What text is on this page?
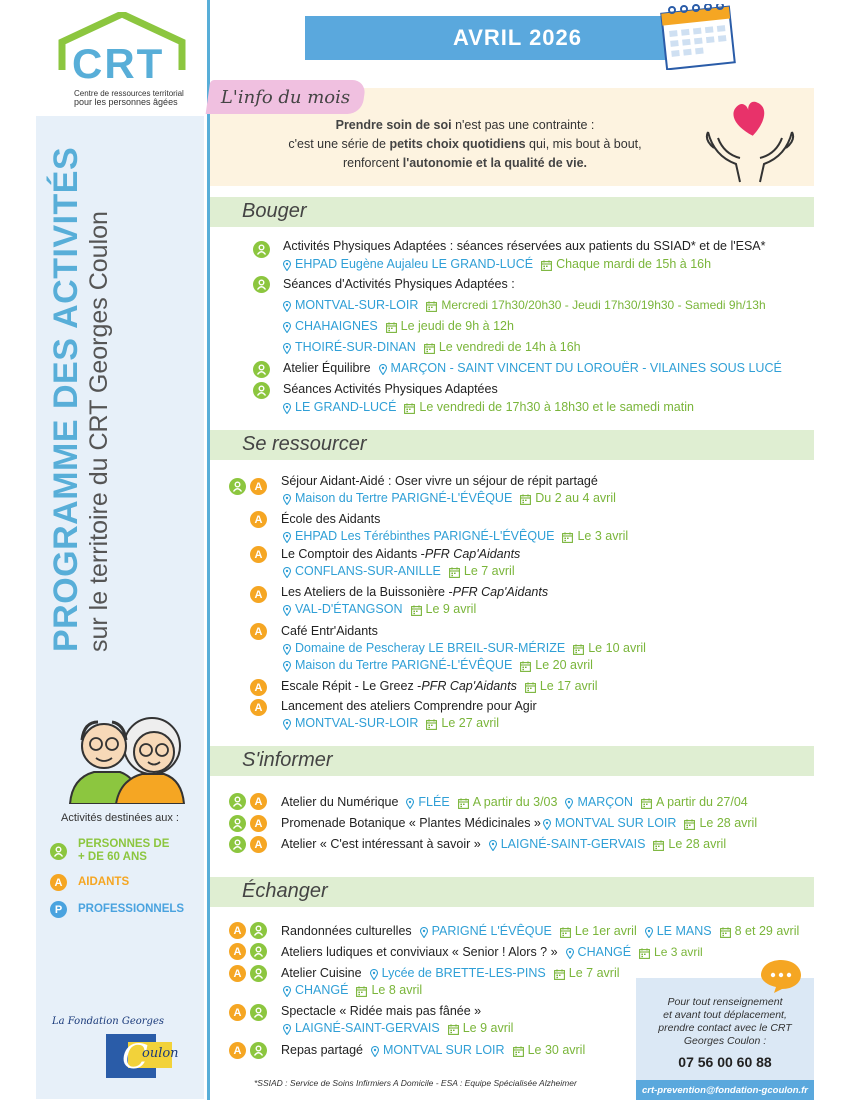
CRT
Centre de ressources territorial
pour les personnes âgées
PROGRAMME DES ACTIVITÉS sur le territoire du CRT Georges Coulon
Activités destinées aux :
PERSONNES DE
+ DE 60 ANS
A	AIDANTS
P	PROFESSIONNELS
La Fondation Georges
C
oulon
AVRIL 2026
L'info du mois
Prendre soin de soi n'est pas une contrainte :
c'est une série de petits choix quotidiens qui, mis bout à bout,
renforcent l'autonomie et la qualité de vie.
Bouger
Se ressourcer
S'informer
Échanger
Activités Physiques Adaptées : séances réservées aux patients du SSIAD* et de l'ESA*
EHPAD Eugène Aujaleu LE GRAND-LUCÉ Chaque mardi de 15h à 16h
Séances d'Activités Physiques Adaptées :
MONTVAL-SUR-LOIR Mercredi 17h30/20h30 - Jeudi 17h30/19h30 - Samedi 9h/13h
CHAHAIGNES Le jeudi de 9h à 12h
THOIRÉ-SUR-DINAN Le vendredi de 14h à 16h
Atelier Équilibre MARÇON - SAINT VINCENT DU LOROUËR - VILAINES SOUS LUCÉ
Séances Activités Physiques Adaptées
LE GRAND-LUCÉ Le vendredi de 17h30 à 18h30 et le samedi matin
A	Séjour Aidant-Aidé : Oser vivre un séjour de répit partagé
Maison du Tertre PARIGNÉ-L'ÉVÊQUE Du 2 au 4 avril
A	École des Aidants
EHPAD Les Térébinthes PARIGNÉ-L'ÉVÊQUE Le 3 avril
A	Le Comptoir des Aidants - PFR Cap'Aidants
CONFLANS-SUR-ANILLE Le 7 avril
A	Les Ateliers de la Buissonière - PFR Cap'Aidants
VAL-D'ÉTANGSON Le 9 avril
A	Café Entr'Aidants
Domaine de Pescheray LE BREIL-SUR-MÉRIZE Le 10 avril
Maison du Tertre PARIGNÉ-L'ÉVÊQUE Le 20 avril
A	Escale Répit - Le Greez - PFR Cap'Aidants Le 17 avril
A	Lancement des ateliers Comprendre pour Agir
MONTVAL-SUR-LOIR Le 27 avril
A	Atelier du Numérique FLÉE A partir du 3/03 MARÇON A partir du 27/04
A	Promenade Botanique « Plantes Médicinales » MONTVAL SUR LOIR Le 28 avril
A	Atelier « C'est intéressant à savoir » LAIGNÉ-SAINT-GERVAIS Le 28 avril
A	Randonnées culturelles PARIGNÉ L'ÉVÊQUE Le 1er avril LE MANS 8 et 29 avril
A	Ateliers ludiques et conviviaux « Senior ! Alors ? » CHANGÉ Le 3 avril
A	Atelier Cuisine Lycée de BRETTE-LES-PINS Le 7 avril
CHANGÉ Le 8 avril
A	Spectacle « Ridée mais pas fânée »
LAIGNÉ-SAINT-GERVAIS Le 9 avril
A	Repas partagé MONTVAL SUR LOIR Le 30 avril
*SSIAD : Service de Soins Infirmiers A Domicile - ESA : Equipe Spécialisée Alzheimer
Pour tout renseignement
et avant tout déplacement,
prendre contact avec le CRT
Georges Coulon :
07 56 00 60 88
crt-prevention@fondation-gcoulon.fr
